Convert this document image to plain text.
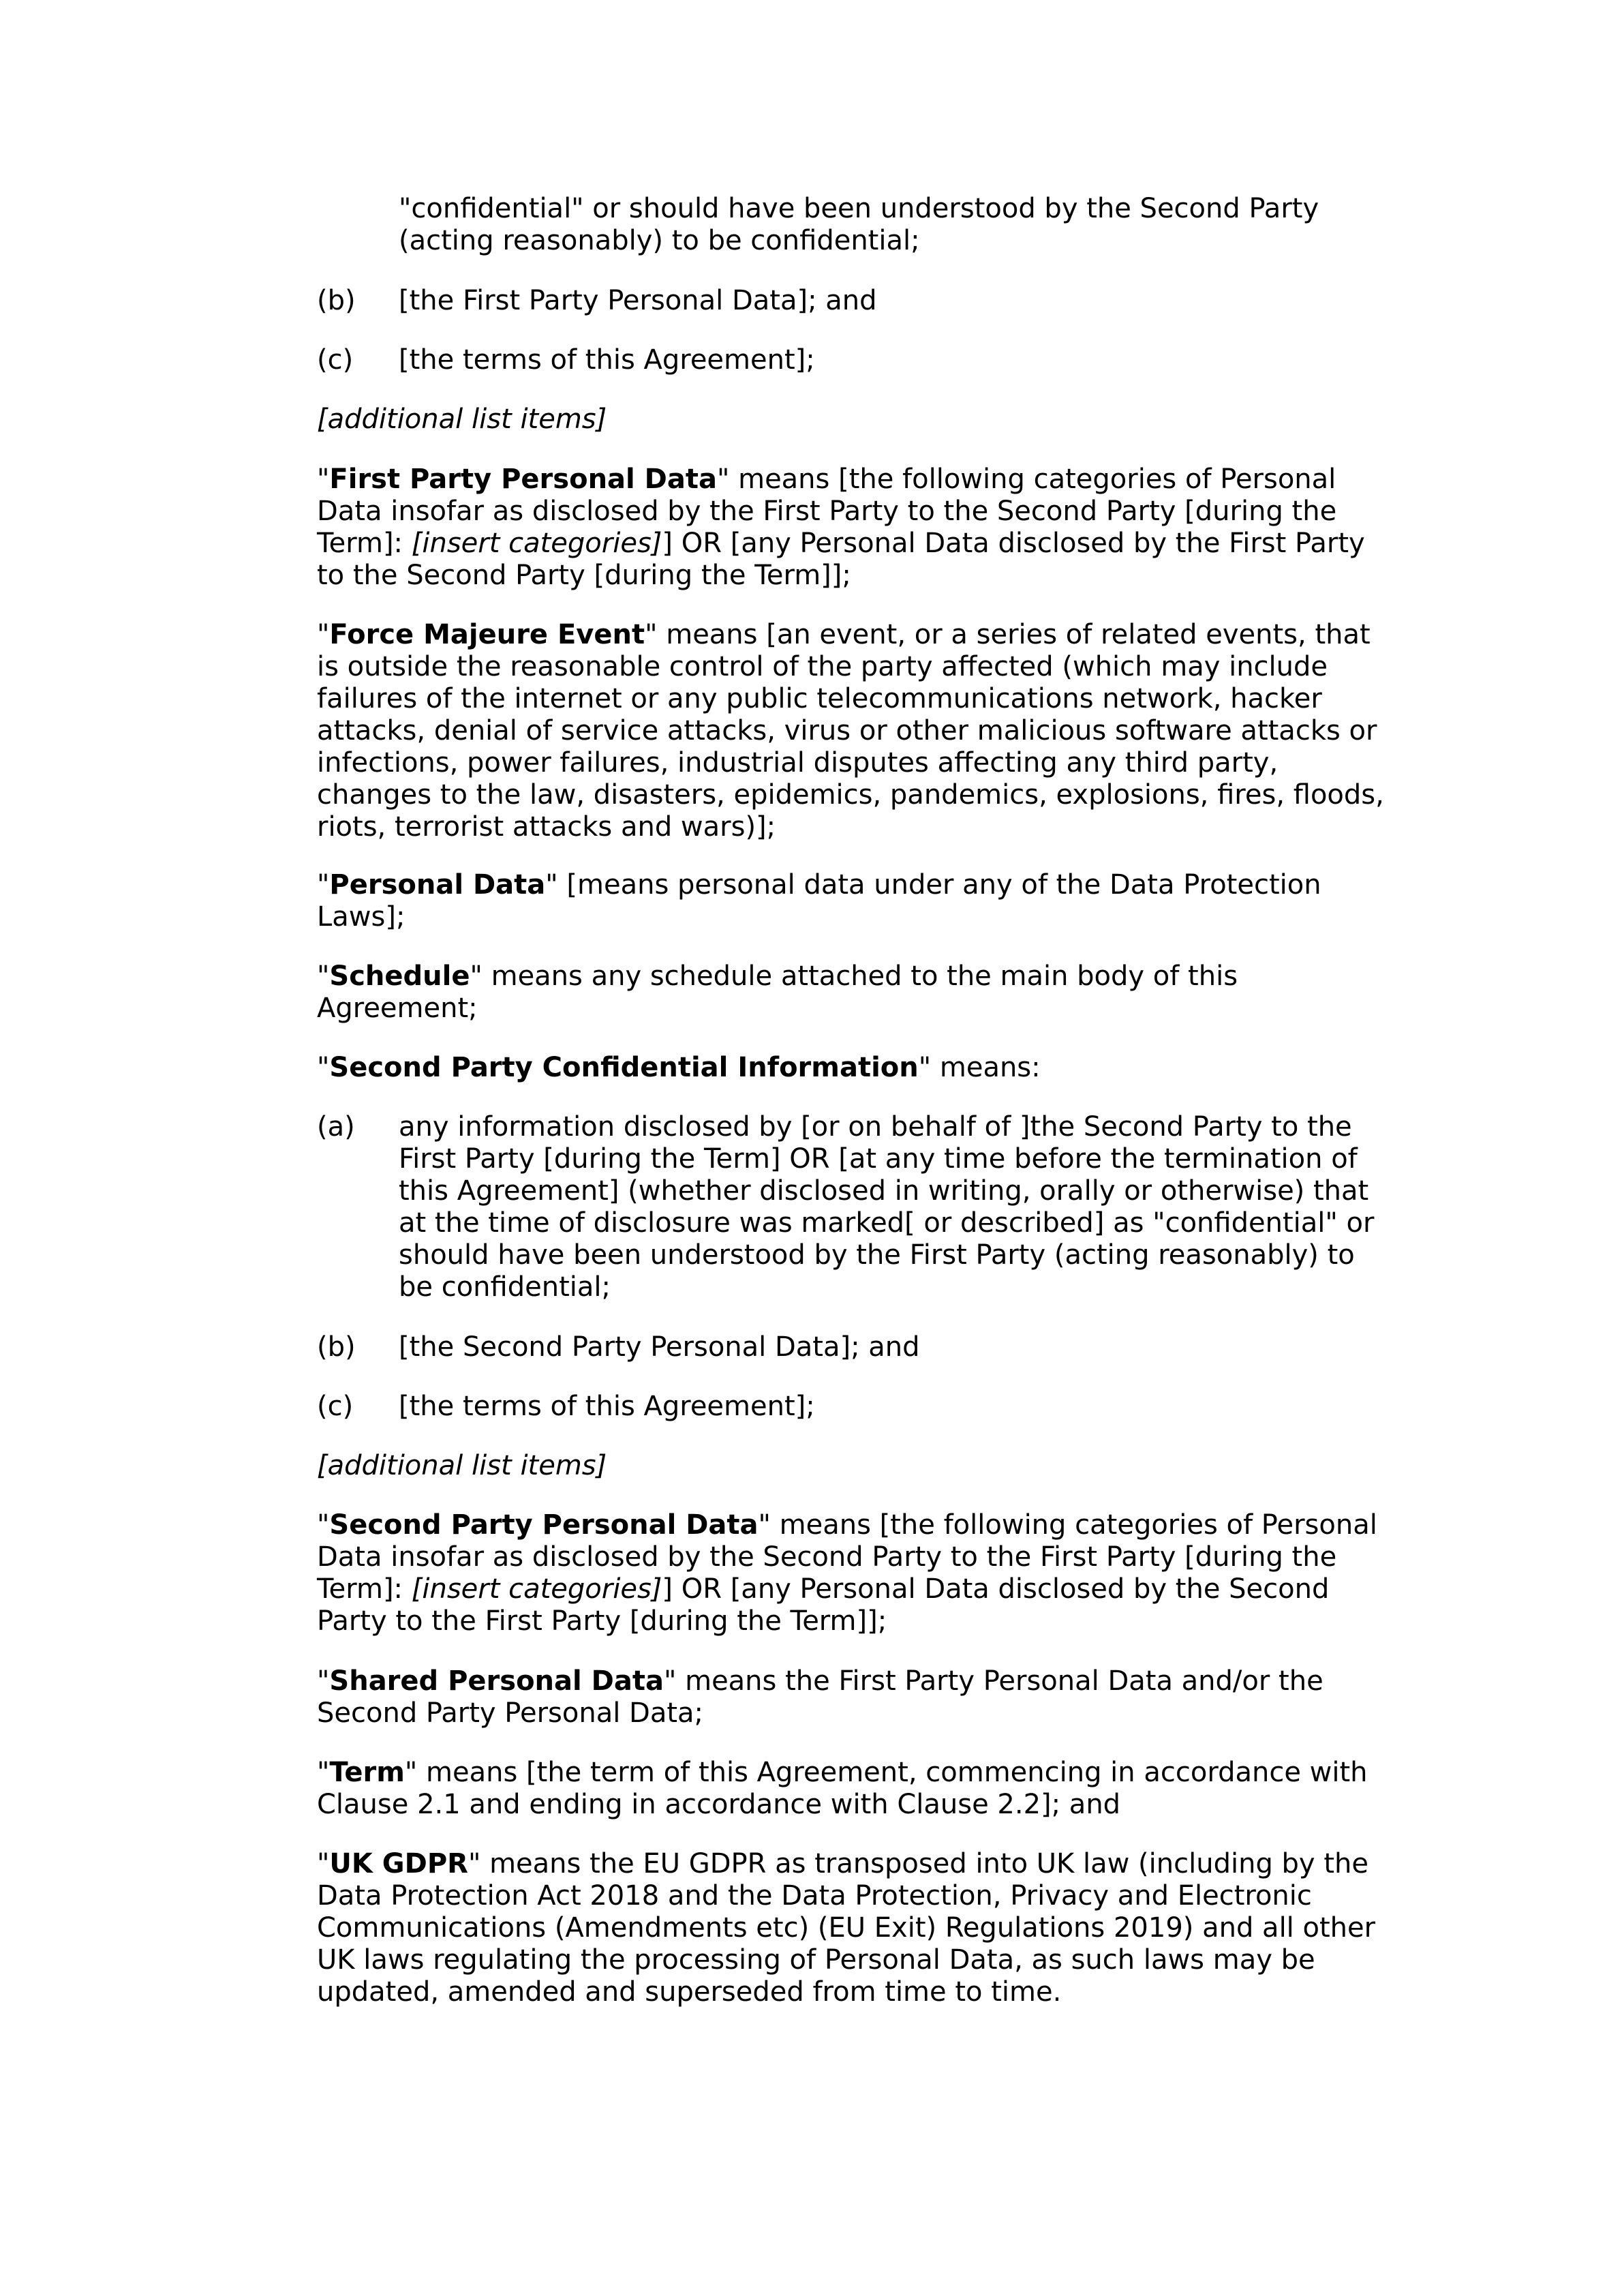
"confidential" or should have been understood by the Second Party (acting reasonably) to be confidential;

(b)	[the First Party Personal Data]; and

(c)	[the terms of this Agreement];

[additional list items]

"First Party Personal Data" means [the following categories of Personal Data insofar as disclosed by the First Party to the Second Party [during the Term]: [insert categories]] OR [any Personal Data disclosed by the First Party to the Second Party [during the Term]];

"Force Majeure Event" means [an event, or a series of related events, that is outside the reasonable control of the party affected (which may include failures of the internet or any public telecommunications network, hacker attacks, denial of service attacks, virus or other malicious software attacks or infections, power failures, industrial disputes affecting any third party, changes to the law, disasters, epidemics, pandemics, explosions, fires, floods, riots, terrorist attacks and wars)];

"Personal Data" [means personal data under any of the Data Protection Laws];

"Schedule" means any schedule attached to the main body of this Agreement;

"Second Party Confidential Information" means:

(a)	any information disclosed by [or on behalf of ]the Second Party to the First Party [during the Term] OR [at any time before the termination of this Agreement] (whether disclosed in writing, orally or otherwise) that at the time of disclosure was marked[ or described] as "confidential" or should have been understood by the First Party (acting reasonably) to be confidential;

(b)	[the Second Party Personal Data]; and

(c)	[the terms of this Agreement];

[additional list items]

"Second Party Personal Data" means [the following categories of Personal Data insofar as disclosed by the Second Party to the First Party [during the Term]: [insert categories]] OR [any Personal Data disclosed by the Second Party to the First Party [during the Term]];

"Shared Personal Data" means the First Party Personal Data and/or the Second Party Personal Data;

"Term" means [the term of this Agreement, commencing in accordance with Clause 2.1 and ending in accordance with Clause 2.2]; and

"UK GDPR" means the EU GDPR as transposed into UK law (including by the Data Protection Act 2018 and the Data Protection, Privacy and Electronic Communications (Amendments etc) (EU Exit) Regulations 2019) and all other UK laws regulating the processing of Personal Data, as such laws may be updated, amended and superseded from time to time.
